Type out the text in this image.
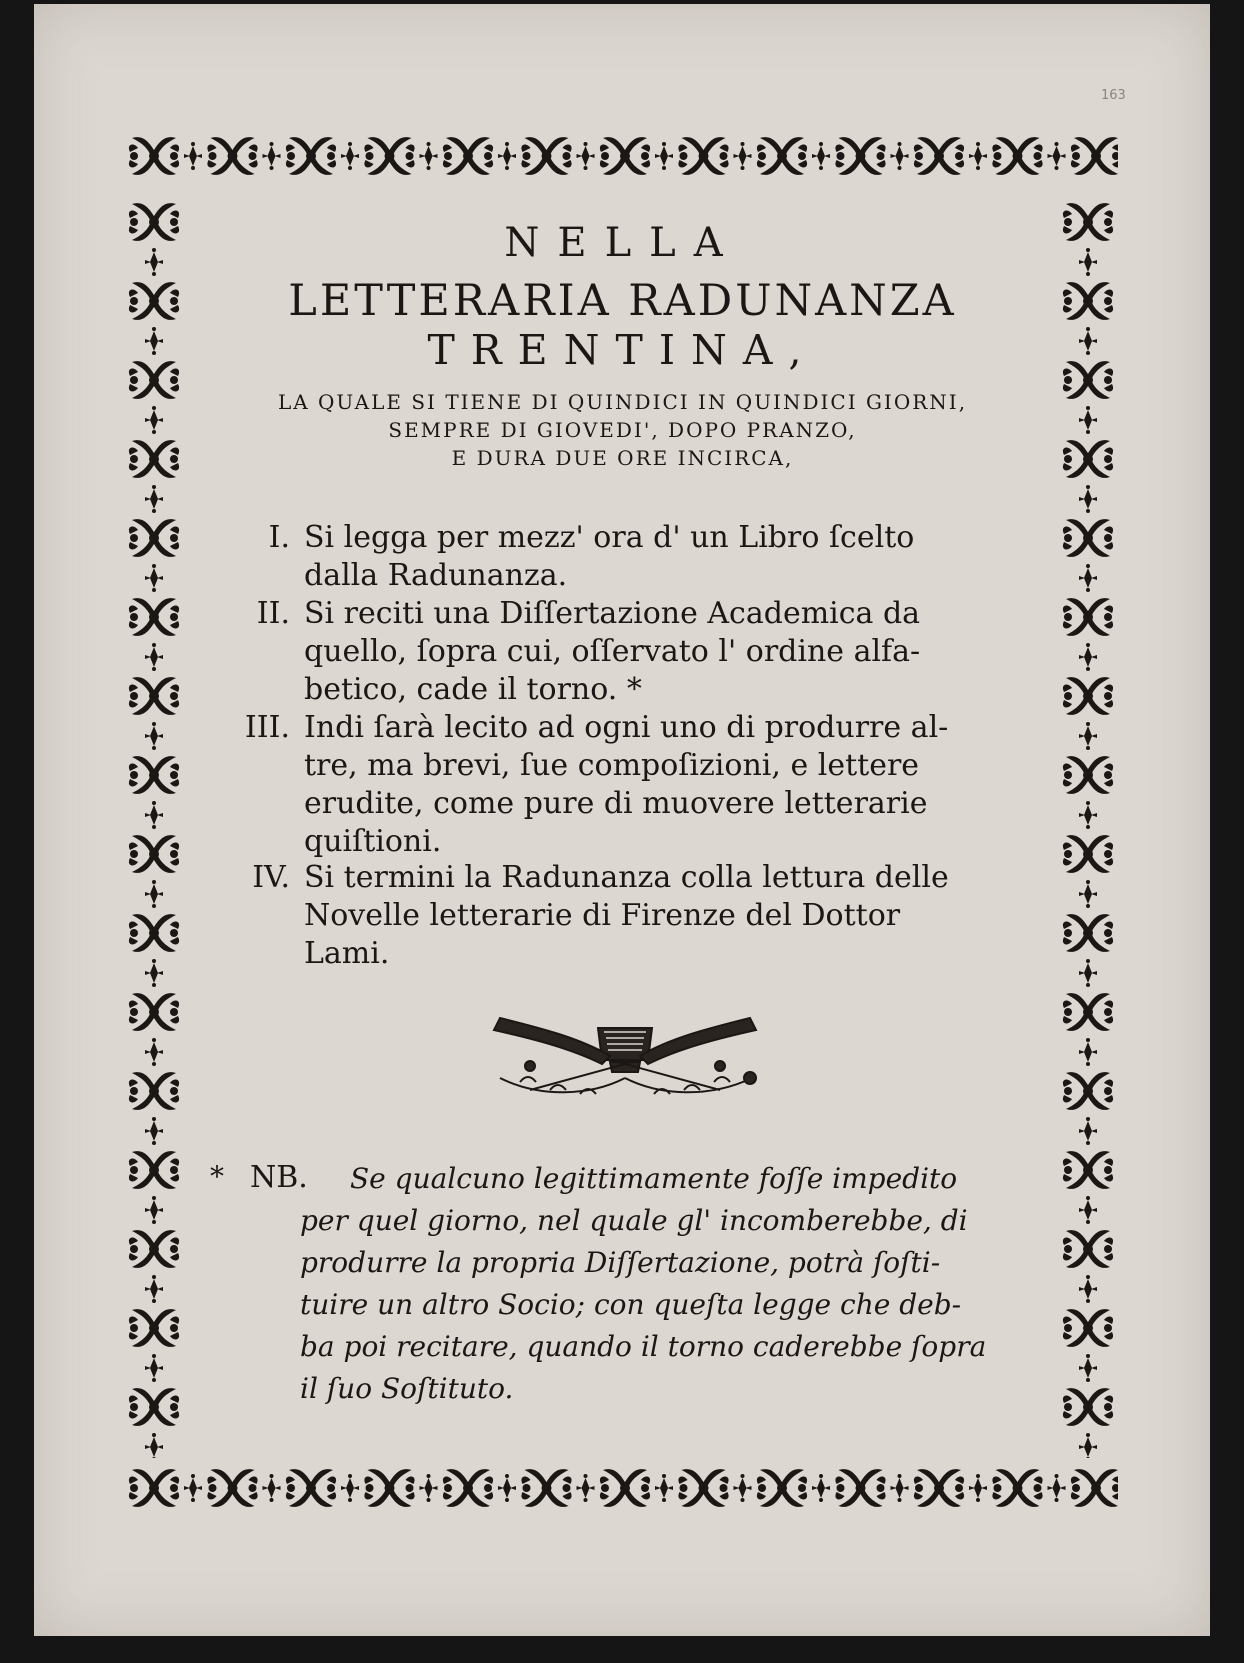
163
NELLA
LETTERARIA RADUNANZA
TRENTINA,
LA QUALE SI TIENE DI QUINDICI IN QUINDICI GIORNI,
SEMPRE DI GIOVEDI', DOPO PRANZO,
E DURA DUE ORE INCIRCA,
I. Si legga per mezz' ora d' un Libro ſcelto
dalla Radunanza.
II. Si reciti una Diſſertazione Academica da
quello, ſopra cui, oſſervato l' ordine alfa-
betico, cade il torno. *
III. Indi ſarà lecito ad ogni uno di produrre al-
tre, ma brevi, ſue compoſizioni, e lettere
erudite, come pure di muovere letterarie
quiſtioni.
IV. Si termini la Radunanza colla lettura delle
Novelle letterarie di Firenze del Dottor
Lami.
* NB. Se qualcuno legittimamente foſſe impedito
per quel giorno, nel quale gl' incomberebbe, di
produrre la propria Diſſertazione, potrà ſoſti-
tuire un altro Socio; con queſta legge che deb-
ba poi recitare, quando il torno caderebbe ſopra
il ſuo Soſtituto.
